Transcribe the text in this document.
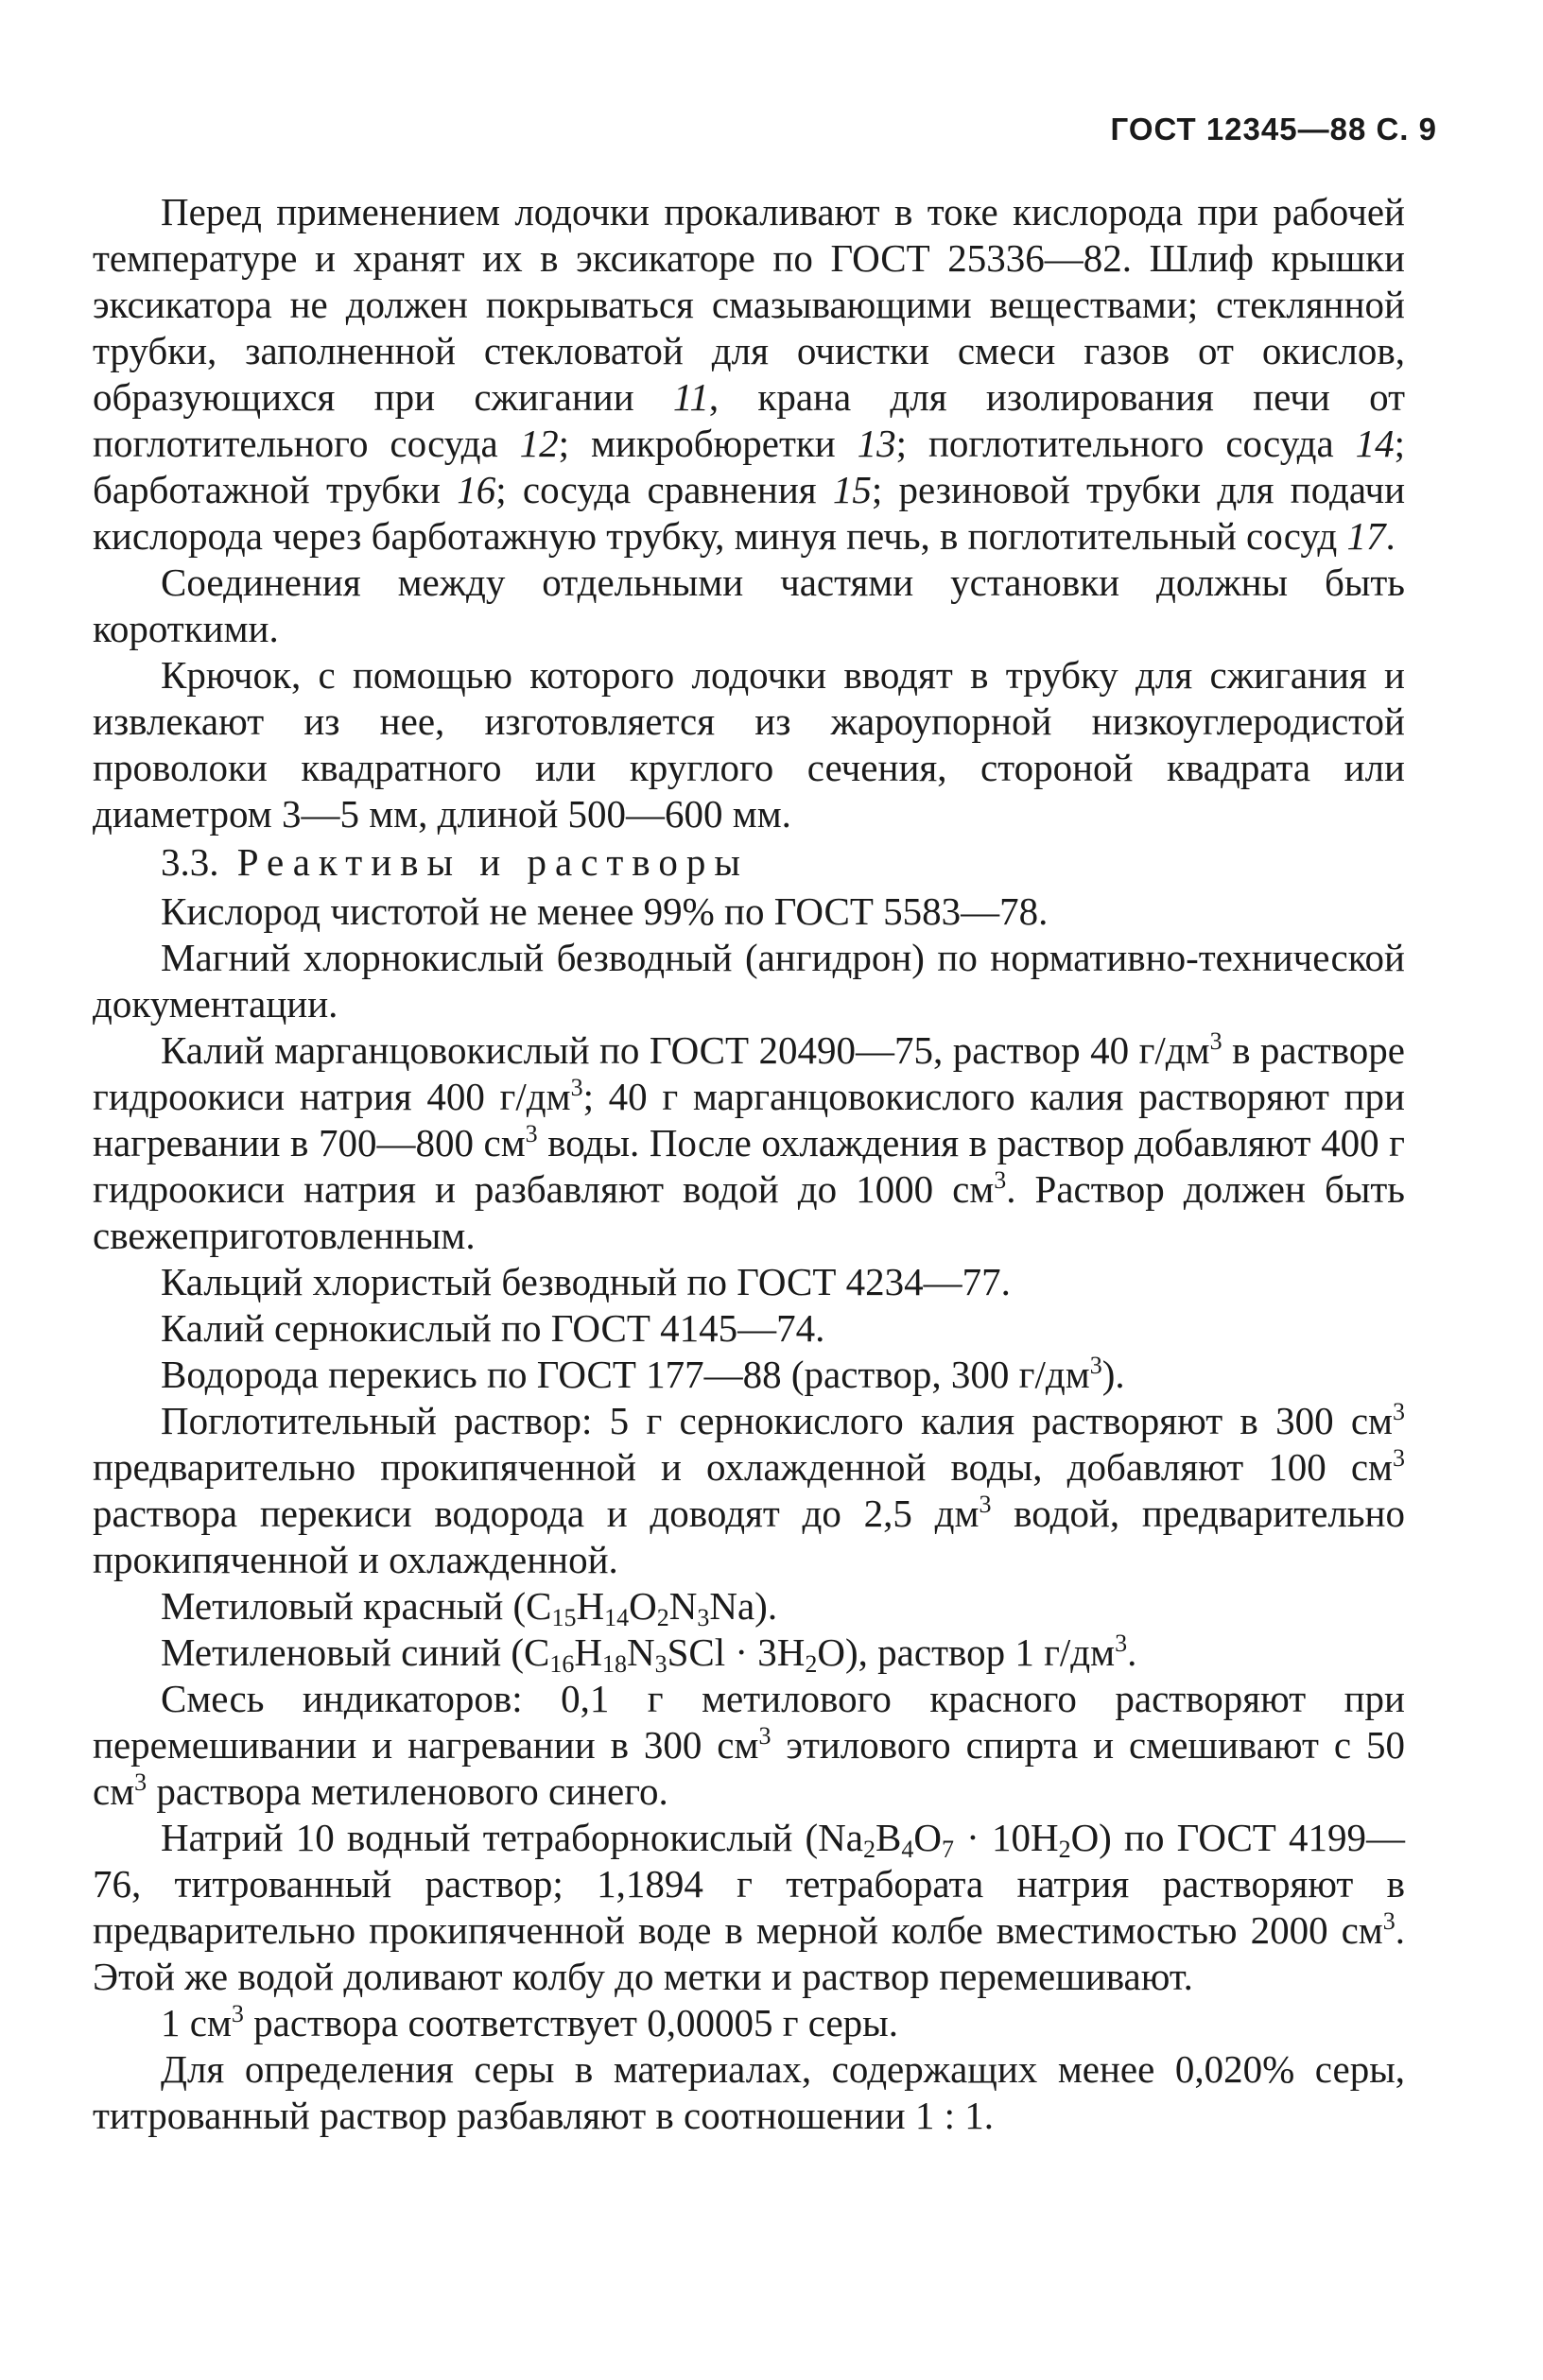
ГОСТ 12345—88 С. 9

Перед применением лодочки прокаливают в токе кислорода при рабочей температуре и хранят их в эксикаторе по ГОСТ 25336—82. Шлиф крышки эксикатора не должен покрываться смазывающими веществами; стеклянной трубки, заполненной стекловатой для очистки смеси газов от окислов, образующихся при сжигании 11, крана для изолирования печи от поглотительного сосуда 12; микробюретки 13; поглотительного сосуда 14; барботажной трубки 16; сосуда сравнения 15; резиновой трубки для подачи кислорода через барботажную трубку, минуя печь, в поглотительный сосуд 17.

Соединения между отдельными частями установки должны быть короткими.

Крючок, с помощью которого лодочки вводят в трубку для сжигания и извлекают из нее, изготовляется из жароупорной низкоуглеродистой проволоки квадратного или круглого сечения, стороной квадрата или диаметром 3—5 мм, длиной 500—600 мм.

3.3. Реактивы и растворы

Кислород чистотой не менее 99% по ГОСТ 5583—78.

Магний хлорнокислый безводный (ангидрон) по нормативно-технической документации.

Калий марганцовокислый по ГОСТ 20490—75, раствор 40 $г/дм^3$ в растворе гидроокиси натрия 400 $г/дм^3$; 40 г марганцовокислого калия растворяют при нагревании в 700—800 $см^3$ воды. После охлаждения в раствор добавляют 400 г гидроокиси натрия и разбавляют водой до 1000 $см^3$. Раствор должен быть свежеприготовленным.

Кальций хлористый безводный по ГОСТ 4234—77.

Калий сернокислый по ГОСТ 4145—74.

Водорода перекись по ГОСТ 177—88 (раствор, 300 $г/дм^3$).

Поглотительный раствор: 5 г сернокислого калия растворяют в 300 $см^3$ предварительно прокипяченной и охлажденной воды, добавляют 100 $см^3$ раствора перекиси водорода и доводят до 2,5 $дм^3$ водой, предварительно прокипяченной и охлажденной.

Метиловый красный $(C_{15}H_{14}O_2N_3Na)$.

Метиленовый синий $(C_{16}H_{18}N_3SCl \cdot 3H_2O)$, раствор 1 $г/дм^3$.

Смесь индикаторов: 0,1 г метилового красного растворяют при перемешивании и нагревании в 300 $см^3$ этилового спирта и смешивают с 50 $см^3$ раствора метиленового синего.

Натрий 10 водный тетраборнокислый $(Na_2B_4O_7 \cdot 10H_2O)$ по ГОСТ 4199—76, титрованный раствор; 1,1894 г тетрабората натрия растворяют в предварительно прокипяченной воде в мерной колбе вместимостью 2000 $см^3$. Этой же водой доливают колбу до метки и раствор перемешивают.

1 $см^3$ раствора соответствует 0,00005 г серы.

Для определения серы в материалах, содержащих менее 0,020% серы, титрованный раствор разбавляют в соотношении 1 : 1.
